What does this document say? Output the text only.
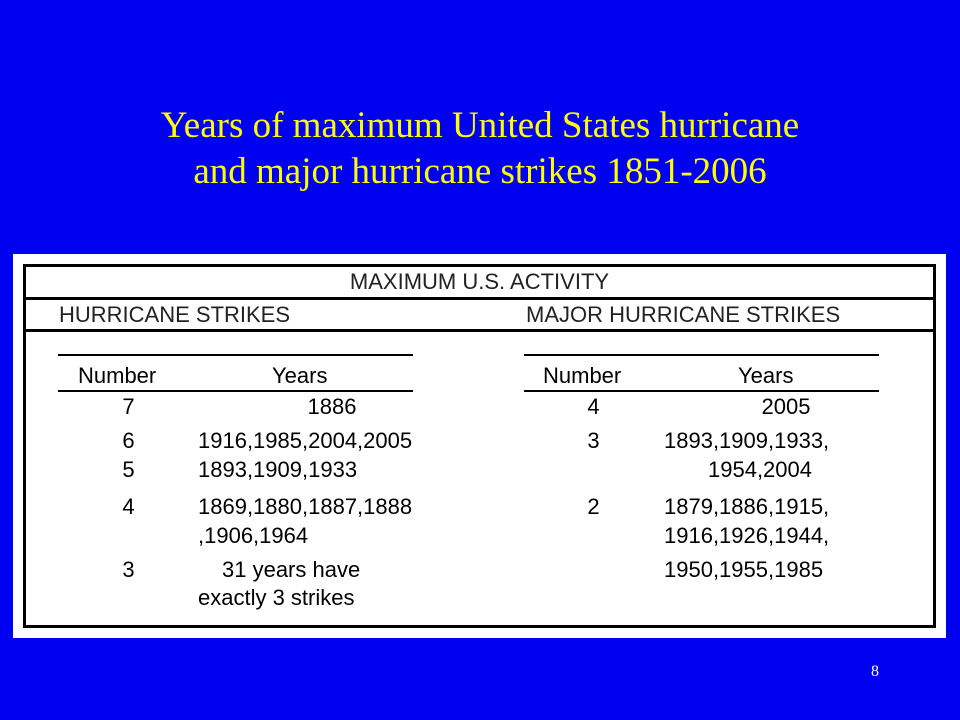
Years of maximum United States hurricane
and major hurricane strikes 1851-2006
MAXIMUM U.S. ACTIVITY
HURRICANE STRIKES	MAJOR HURRICANE STRIKES
Number	Years
7	1886
6	1916,1985,2004,2005
5	1893,1909,1933
4	1869,1880,1887,1888
,1906,1964
3	31 years have
exactly 3 strikes
Number	Years
4	2005
3	1893,1909,1933,
1954,2004
2	1879,1886,1915,
1916,1926,1944,
1950,1955,1985
8
